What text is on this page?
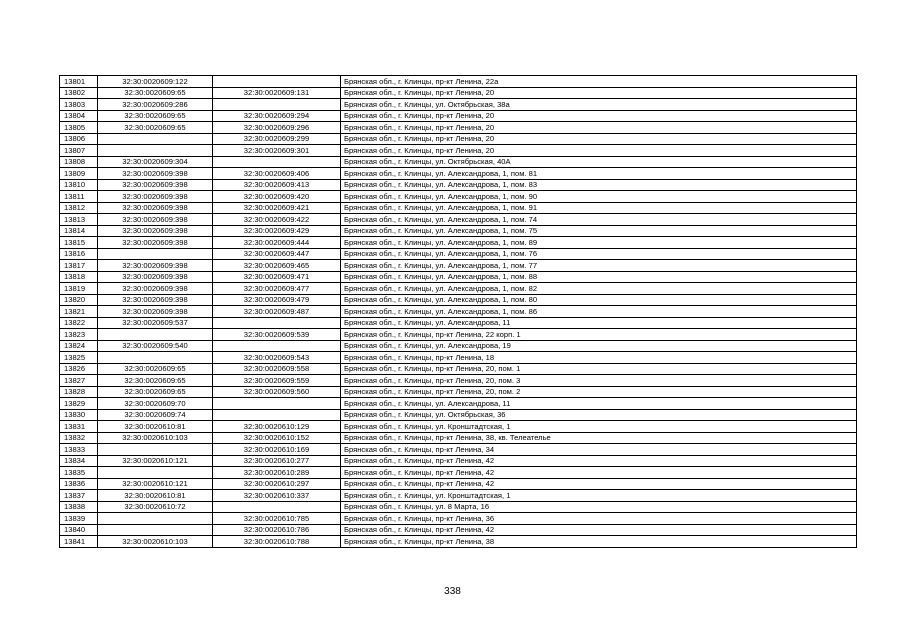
13801	32:30:0020609:122		Брянская обл., г. Клинцы, пр-кт Ленина, 22а
13802	32:30:0020609:65	32:30:0020609:131	Брянская обл., г. Клинцы, пр-кт Ленина, 20
13803	32:30:0020609:286		Брянская обл., г. Клинцы, ул. Октябрьская, 38а
13804	32:30:0020609:65	32:30:0020609:294	Брянская обл., г. Клинцы, пр-кт Ленина, 20
13805	32:30:0020609:65	32:30:0020609:296	Брянская обл., г. Клинцы, пр-кт Ленина, 20
13806		32:30:0020609:299	Брянская обл., г. Клинцы, пр-кт Ленина, 20
13807		32:30:0020609:301	Брянская обл., г. Клинцы, пр-кт Ленина, 20
13808	32:30:0020609:304		Брянская обл., г. Клинцы, ул. Октябрьская, 40А
13809	32:30:0020609:398	32:30:0020609:406	Брянская обл., г. Клинцы, ул. Александрова, 1, пом. 81
13810	32:30:0020609:398	32:30:0020609:413	Брянская обл., г. Клинцы, ул. Александрова, 1, пом. 83
13811	32:30:0020609:398	32:30:0020609:420	Брянская обл., г. Клинцы, ул. Александрова, 1, пом. 90
13812	32:30:0020609:398	32:30:0020609:421	Брянская обл., г. Клинцы, ул. Александрова, 1, пом. 91
13813	32:30:0020609:398	32:30:0020609:422	Брянская обл., г. Клинцы, ул. Александрова, 1, пом. 74
13814	32:30:0020609:398	32:30:0020609:429	Брянская обл., г. Клинцы, ул. Александрова, 1, пом. 75
13815	32:30:0020609:398	32:30:0020609:444	Брянская обл., г. Клинцы, ул. Александрова, 1, пом. 89
13816		32:30:0020609:447	Брянская обл., г. Клинцы, ул. Александрова, 1, пом. 76
13817	32:30:0020609:398	32:30:0020609:465	Брянская обл., г. Клинцы, ул. Александрова, 1, пом. 77
13818	32:30:0020609:398	32:30:0020609:471	Брянская обл., г. Клинцы, ул. Александрова, 1, пом. 88
13819	32:30:0020609:398	32:30:0020609:477	Брянская обл., г. Клинцы, ул. Александрова, 1, пом. 82
13820	32:30:0020609:398	32:30:0020609:479	Брянская обл., г. Клинцы, ул. Александрова, 1, пом. 80
13821	32:30:0020609:398	32:30:0020609:487	Брянская обл., г. Клинцы, ул. Александрова, 1, пом. 86
13822	32:30:0020609:537		Брянская обл., г. Клинцы, ул. Александрова, 11
13823		32:30:0020609:539	Брянская обл., г. Клинцы, пр-кт Ленина, 22 корп. 1
13824	32:30:0020609:540		Брянская обл., г. Клинцы, ул. Александрова, 19
13825		32:30:0020609:543	Брянская обл., г. Клинцы, пр-кт Ленина, 18
13826	32:30:0020609:65	32:30:0020609:558	Брянская обл., г. Клинцы, пр-кт Ленина, 20, пом. 1
13827	32:30:0020609:65	32:30:0020609:559	Брянская обл., г. Клинцы, пр-кт Ленина, 20, пом. 3
13828	32:30:0020609:65	32:30:0020609:560	Брянская обл., г. Клинцы, пр-кт Ленина, 20, пом. 2
13829	32:30:0020609:70		Брянская обл., г. Клинцы, ул. Александрова, 11
13830	32:30:0020609:74		Брянская обл., г. Клинцы, ул. Октябрьская, 36
13831	32:30:0020610:81	32:30:0020610:129	Брянская обл., г. Клинцы, ул. Кронштадтская, 1
13832	32:30:0020610:103	32:30:0020610:152	Брянская обл., г. Клинцы, пр-кт Ленина, 38, кв. Телеателье
13833		32:30:0020610:169	Брянская обл., г. Клинцы, пр-кт Ленина, 34
13834	32:30:0020610:121	32:30:0020610:277	Брянская обл., г. Клинцы, пр-кт Ленина, 42
13835		32:30:0020610:289	Брянская обл., г. Клинцы, пр-кт Ленина, 42
13836	32:30:0020610:121	32:30:0020610:297	Брянская обл., г. Клинцы, пр-кт Ленина, 42
13837	32:30:0020610:81	32:30:0020610:337	Брянская обл., г. Клинцы, ул. Кронштадтская, 1
13838	32:30:0020610:72		Брянская обл., г. Клинцы, ул. 8 Марта, 16
13839		32:30:0020610:785	Брянская обл., г. Клинцы, пр-кт Ленина, 36
13840		32:30:0020610:786	Брянская обл., г. Клинцы, пр-кт Ленина, 42
13841	32:30:0020610:103	32:30:0020610:788	Брянская обл., г. Клинцы, пр-кт Ленина, 38
338
